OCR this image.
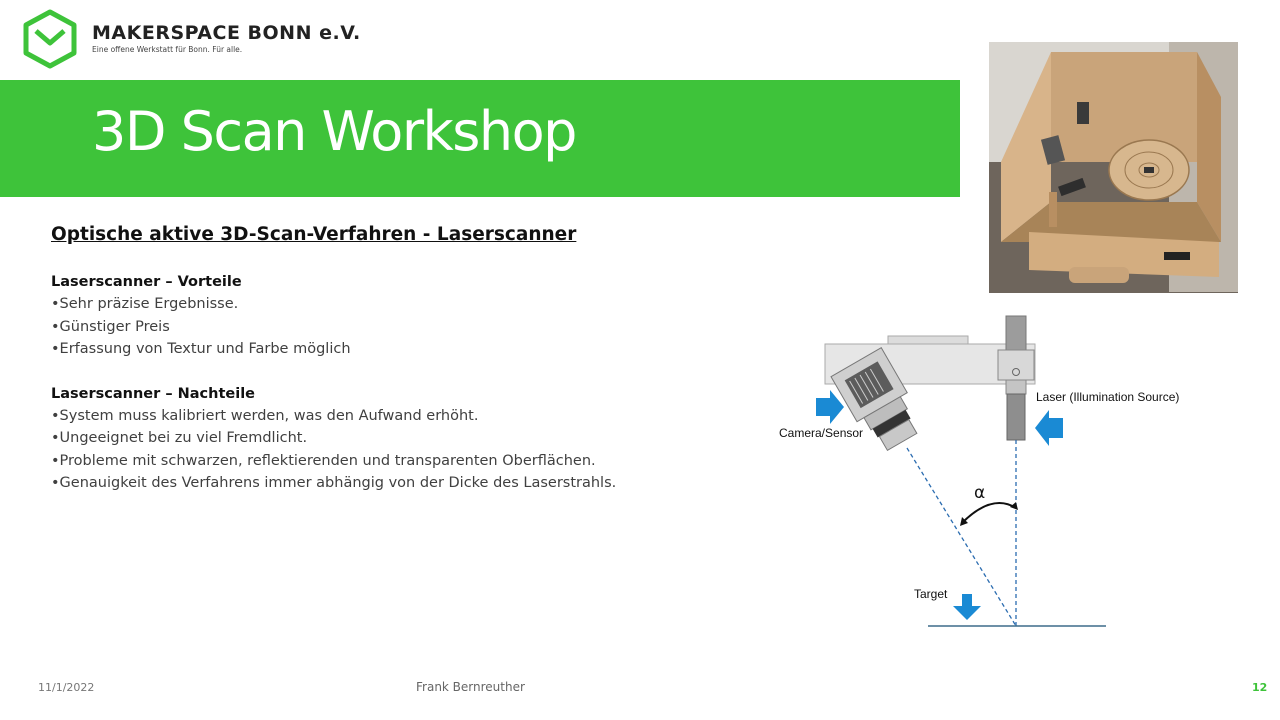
MAKERSPACE BONN e.V.
Eine offene Werkstatt für Bonn. Für alle.
3D Scan Workshop
Optische aktive 3D-Scan-Verfahren - Laserscanner
Laserscanner – Vorteile
•Sehr präzise Ergebnisse.
•Günstiger Preis
•Erfassung von Textur und Farbe möglich
Laserscanner – Nachteile
•System muss kalibriert werden, was den Aufwand erhöht.
•Ungeeignet bei zu viel Fremdlicht.
•Probleme mit schwarzen, reflektierenden und transparenten Oberflächen.
•Genauigkeit des Verfahrens immer abhängig von der Dicke des Laserstrahls.
Camera/Sensor
Laser (Illumination Source)
α
Target
11/1/2022	Frank Bernreuther	12
